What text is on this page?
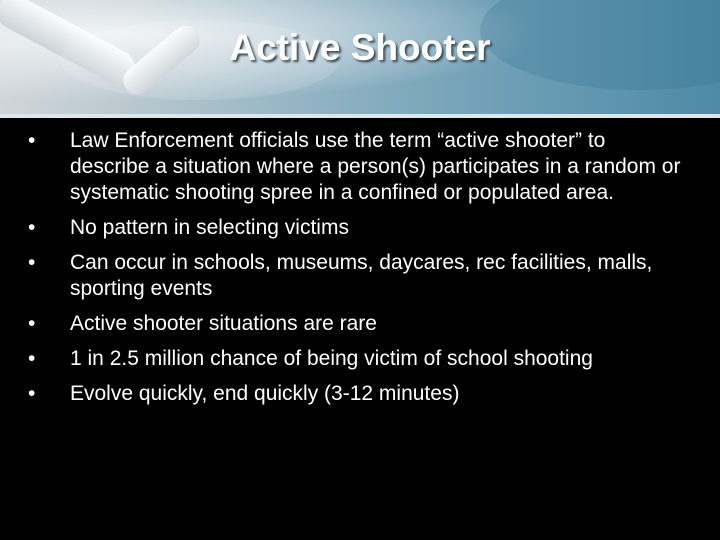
Active Shooter
•	Law Enforcement officials use the term “active shooter” to describe a situation where a person(s) participates in a random or systematic shooting spree in a confined or populated area.
•	No pattern in selecting victims
•	Can occur in schools, museums, daycares, rec facilities, malls, sporting events
•	Active shooter situations are rare
•	1 in 2.5 million chance of being victim of school shooting
•	Evolve quickly, end quickly (3-12 minutes)
